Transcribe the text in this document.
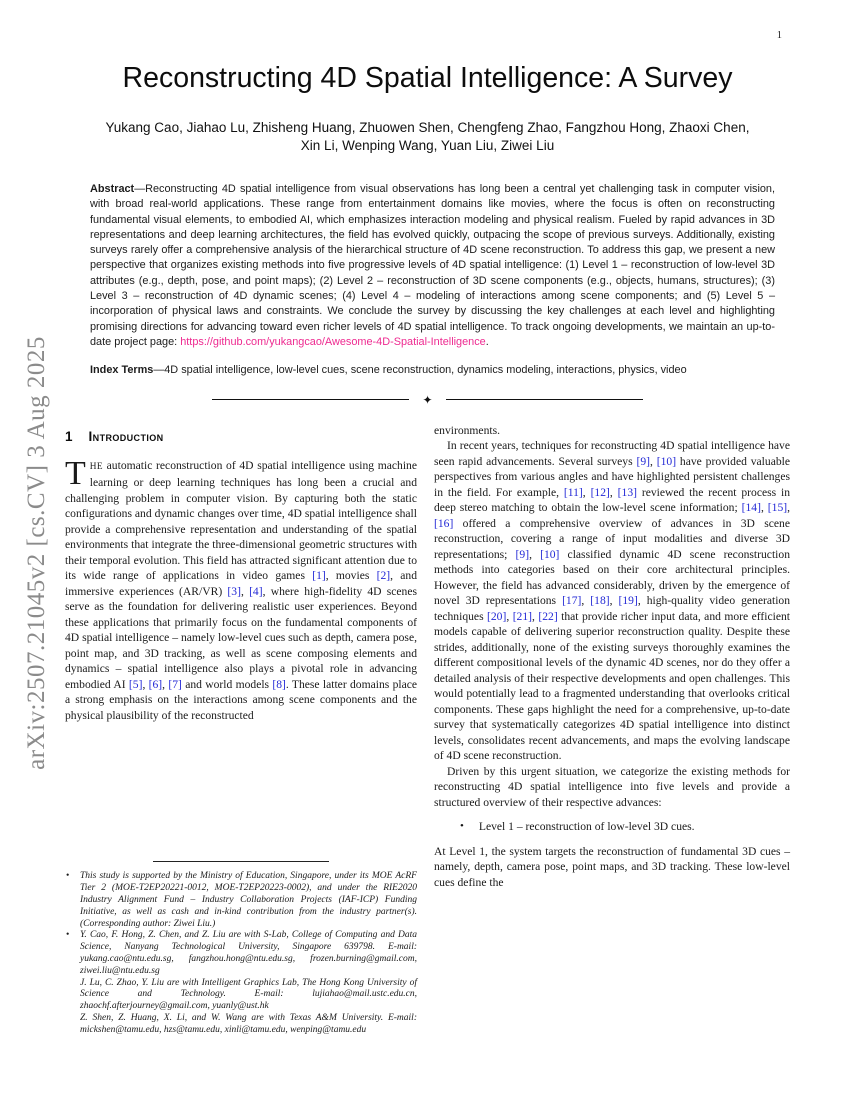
1
arXiv:2507.21045v2 [cs.CV] 3 Aug 2025
Reconstructing 4D Spatial Intelligence: A Survey
Yukang Cao, Jiahao Lu, Zhisheng Huang, Zhuowen Shen, Chengfeng Zhao, Fangzhou Hong, Zhaoxi Chen, Xin Li, Wenping Wang, Yuan Liu, Ziwei Liu
Abstract—Reconstructing 4D spatial intelligence from visual observations has long been a central yet challenging task in computer vision, with broad real-world applications. These range from entertainment domains like movies, where the focus is often on reconstructing fundamental visual elements, to embodied AI, which emphasizes interaction modeling and physical realism. Fueled by rapid advances in 3D representations and deep learning architectures, the field has evolved quickly, outpacing the scope of previous surveys. Additionally, existing surveys rarely offer a comprehensive analysis of the hierarchical structure of 4D scene reconstruction. To address this gap, we present a new perspective that organizes existing methods into five progressive levels of 4D spatial intelligence: (1) Level 1 – reconstruction of low-level 3D attributes (e.g., depth, pose, and point maps); (2) Level 2 – reconstruction of 3D scene components (e.g., objects, humans, structures); (3) Level 3 – reconstruction of 4D dynamic scenes; (4) Level 4 – modeling of interactions among scene components; and (5) Level 5 – incorporation of physical laws and constraints. We conclude the survey by discussing the key challenges at each level and highlighting promising directions for advancing toward even richer levels of 4D spatial intelligence. To track ongoing developments, we maintain an up-to-date project page: https://github.com/yukangcao/Awesome-4D-Spatial-Intelligence.
Index Terms—4D spatial intelligence, low-level cues, scene reconstruction, dynamics modeling, interactions, physics, video
✦
1 Introduction
THE automatic reconstruction of 4D spatial intelligence using machine learning or deep learning techniques has long been a crucial and challenging problem in computer vision. By capturing both the static configurations and dynamic changes over time, 4D spatial intelligence shall provide a comprehensive representation and understanding of the spatial environments that integrate the three-dimensional geometric structures with their temporal evolution. This field has attracted significant attention due to its wide range of applications in video games [1], movies [2], and immersive experiences (AR/VR) [3], [4], where high-fidelity 4D scenes serve as the foundation for delivering realistic user experiences. Beyond these applications that primarily focus on the fundamental components of 4D spatial intelligence – namely low-level cues such as depth, camera pose, point map, and 3D tracking, as well as scene composing elements and dynamics – spatial intelligence also plays a pivotal role in advancing embodied AI [5], [6], [7] and world models [8]. These latter domains place a strong emphasis on the interactions among scene components and the physical plausibility of the reconstructed
• This study is supported by the Ministry of Education, Singapore, under its MOE AcRF Tier 2 (MOE-T2EP20221-0012, MOE-T2EP20223-0002), and under the RIE2020 Industry Alignment Fund – Industry Collaboration Projects (IAF-ICP) Funding Initiative, as well as cash and in-kind contribution from the industry partner(s). (Corresponding author: Ziwei Liu.)
• Y. Cao, F. Hong, Z. Chen, and Z. Liu are with S-Lab, College of Computing and Data Science, Nanyang Technological University, Singapore 639798. E-mail: yukang.cao@ntu.edu.sg, fangzhou.hong@ntu.edu.sg, frozen.burning@gmail.com, ziwei.liu@ntu.edu.sg
J. Lu, C. Zhao, Y. Liu are with Intelligent Graphics Lab, The Hong Kong University of Science and Technology. E-mail: lujiahao@mail.ustc.edu.cn, zhaochf.afterjourney@gmail.com, yuanly@ust.hk
Z. Shen, Z. Huang, X. Li, and W. Wang are with Texas A&M University. E-mail: mickshen@tamu.edu, hzs@tamu.edu, xinli@tamu.edu, wenping@tamu.edu

environments.

In recent years, techniques for reconstructing 4D spatial intelligence have seen rapid advancements. Several surveys [9], [10] have provided valuable perspectives from various angles and have highlighted persistent challenges in the field. For example, [11], [12], [13] reviewed the recent process in deep stereo matching to obtain the low-level scene information; [14], [15], [16] offered a comprehensive overview of advances in 3D scene reconstruction, covering a range of input modalities and diverse 3D representations; [9], [10] classified dynamic 4D scene reconstruction methods into categories based on their core architectural principles. However, the field has advanced considerably, driven by the emergence of novel 3D representations [17], [18], [19], high-quality video generation techniques [20], [21], [22] that provide richer input data, and more efficient models capable of delivering superior reconstruction quality. Despite these strides, additionally, none of the existing surveys thoroughly examines the different compositional levels of the dynamic 4D scenes, nor do they offer a detailed analysis of their respective developments and open challenges. This would potentially lead to a fragmented understanding that overlooks critical components. These gaps highlight the need for a comprehensive, up-to-date survey that systematically categorizes 4D spatial intelligence into distinct levels, consolidates recent advancements, and maps the evolving landscape of 4D scene reconstruction.

Driven by this urgent situation, we categorize the existing methods for reconstructing 4D spatial intelligence into five levels and provide a structured overview of their respective advances:

• Level 1 – reconstruction of low-level 3D cues.

At Level 1, the system targets the reconstruction of fundamental 3D cues – namely, depth, camera pose, point maps, and 3D tracking. These low-level cues define the
